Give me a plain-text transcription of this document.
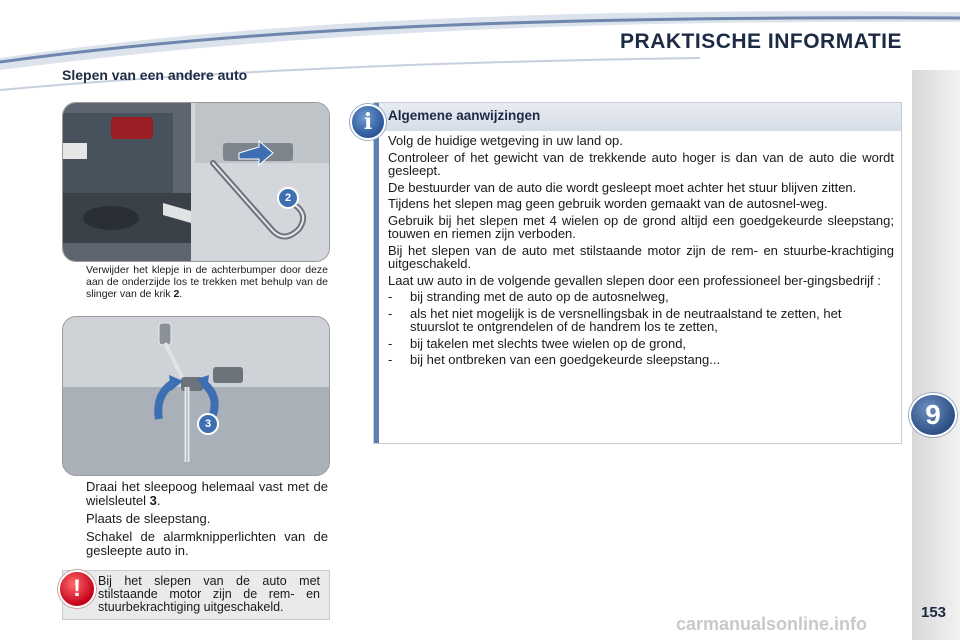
PRAKTISCHE INFORMATIE
Slepen van een andere auto
9
2
Verwijder het klepje in de achterbumper door deze aan de onderzijde los te trekken met behulp van de slinger van de krik 2.
3
Draai het sleepoog helemaal vast met de wielsleutel 3.
Plaats de sleepstang.
Schakel de alarmknipperlichten van de gesleepte auto in.
!	Bij het slepen van de auto met stilstaande motor zijn de rem- en stuurbekrachtiging uitgeschakeld.
i	Algemene aanwijzingen

Volg de huidige wetgeving in uw land op.

Controleer of het gewicht van de trekkende auto hoger is dan van de auto die wordt gesleept.

De bestuurder van de auto die wordt gesleept moet achter het stuur blijven zitten.

Tijdens het slepen mag geen gebruik worden gemaakt van de autosnel-weg.

Gebruik bij het slepen met 4 wielen op de grond altijd een goedgekeurde sleepstang; touwen en riemen zijn verboden.

Bij het slepen van de auto met stilstaande motor zijn de rem- en stuurbe-krachtiging uitgeschakeld.

Laat uw auto in de volgende gevallen slepen door een professioneel ber-gingsbedrijf :

- bij stranding met de auto op de autosnelweg,
- als het niet mogelijk is de versnellingsbak in de neutraalstand te zetten, het stuurslot te ontgrendelen of de handrem los te zetten,
- bij takelen met slechts twee wielen op de grond,
- bij het ontbreken van een goedgekeurde sleepstang...
carmanualsonline.info
153
